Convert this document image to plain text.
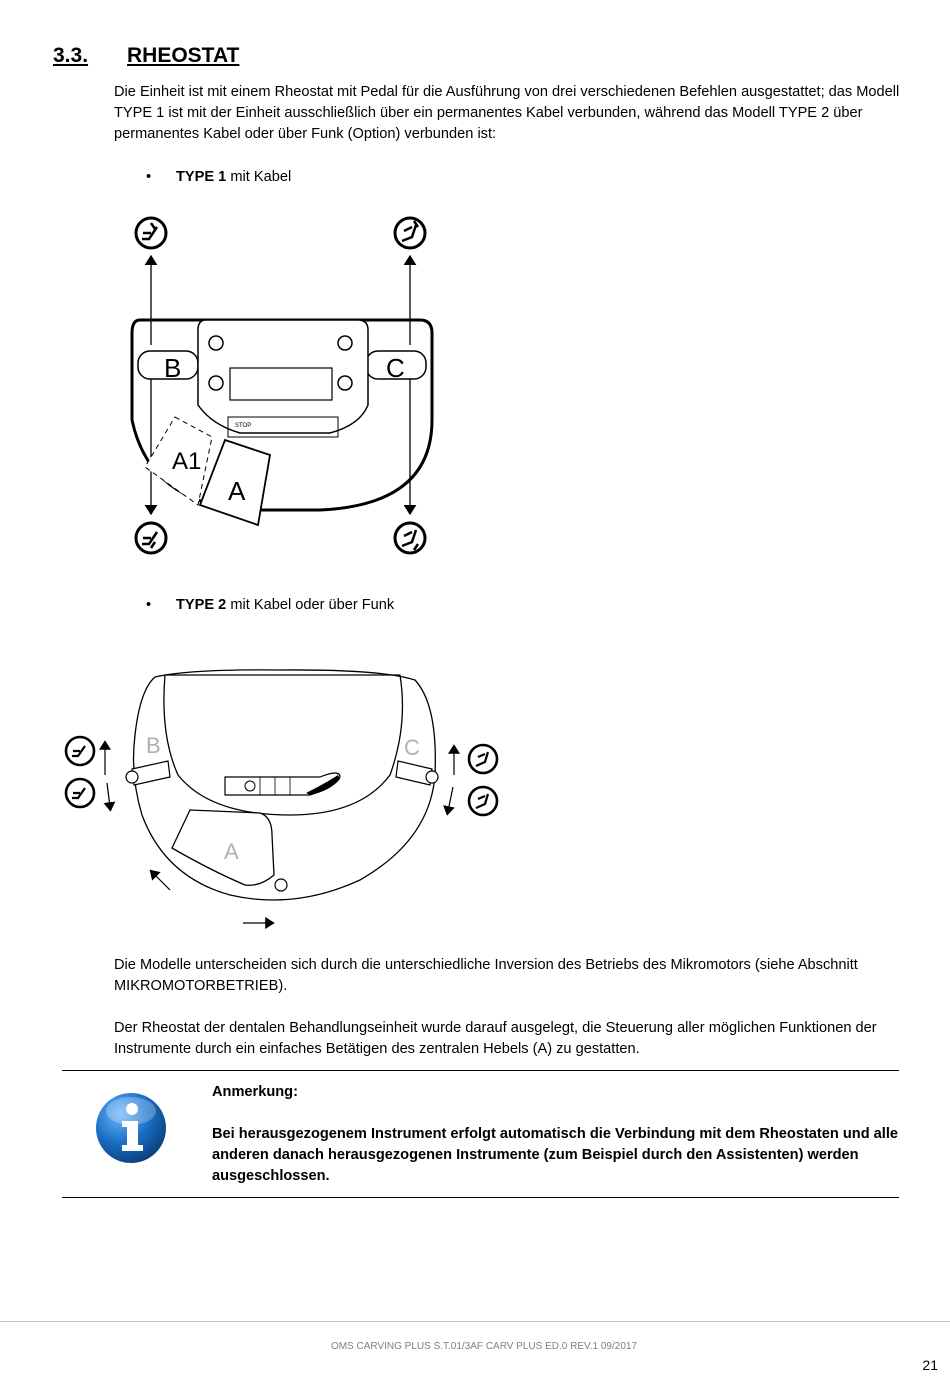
3.3. RHEOSTAT
Die Einheit ist mit einem Rheostat mit Pedal für die Ausführung von drei verschiedenen Befehlen ausgestattet; das Modell TYPE 1 ist mit der Einheit ausschließlich über ein permanentes Kabel verbunden, während das Modell TYPE 2 über permanentes Kabel oder über Funk (Option) verbunden ist:
• TYPE 1 mit Kabel
B	C
STOP
A1
A
• TYPE 2 mit Kabel oder über Funk
B	C
A
Die Modelle unterscheiden sich durch die unterschiedliche Inversion des Betriebs des Mikromotors (siehe Abschnitt MIKROMOTORBETRIEB).
Der Rheostat der dentalen Behandlungseinheit wurde darauf ausgelegt, die Steuerung aller möglichen Funktionen der Instrumente durch ein einfaches Betätigen des zentralen Hebels (A) zu gestatten.
Anmerkung:
Bei herausgezogenem Instrument erfolgt automatisch die Verbindung mit dem Rheostaten und alle anderen danach herausgezogenen Instrumente (zum Beispiel durch den Assistenten) werden ausgeschlossen.
OMS CARVING PLUS S.T.01/3AF CARV PLUS ED.0 REV.1 09/2017
21
